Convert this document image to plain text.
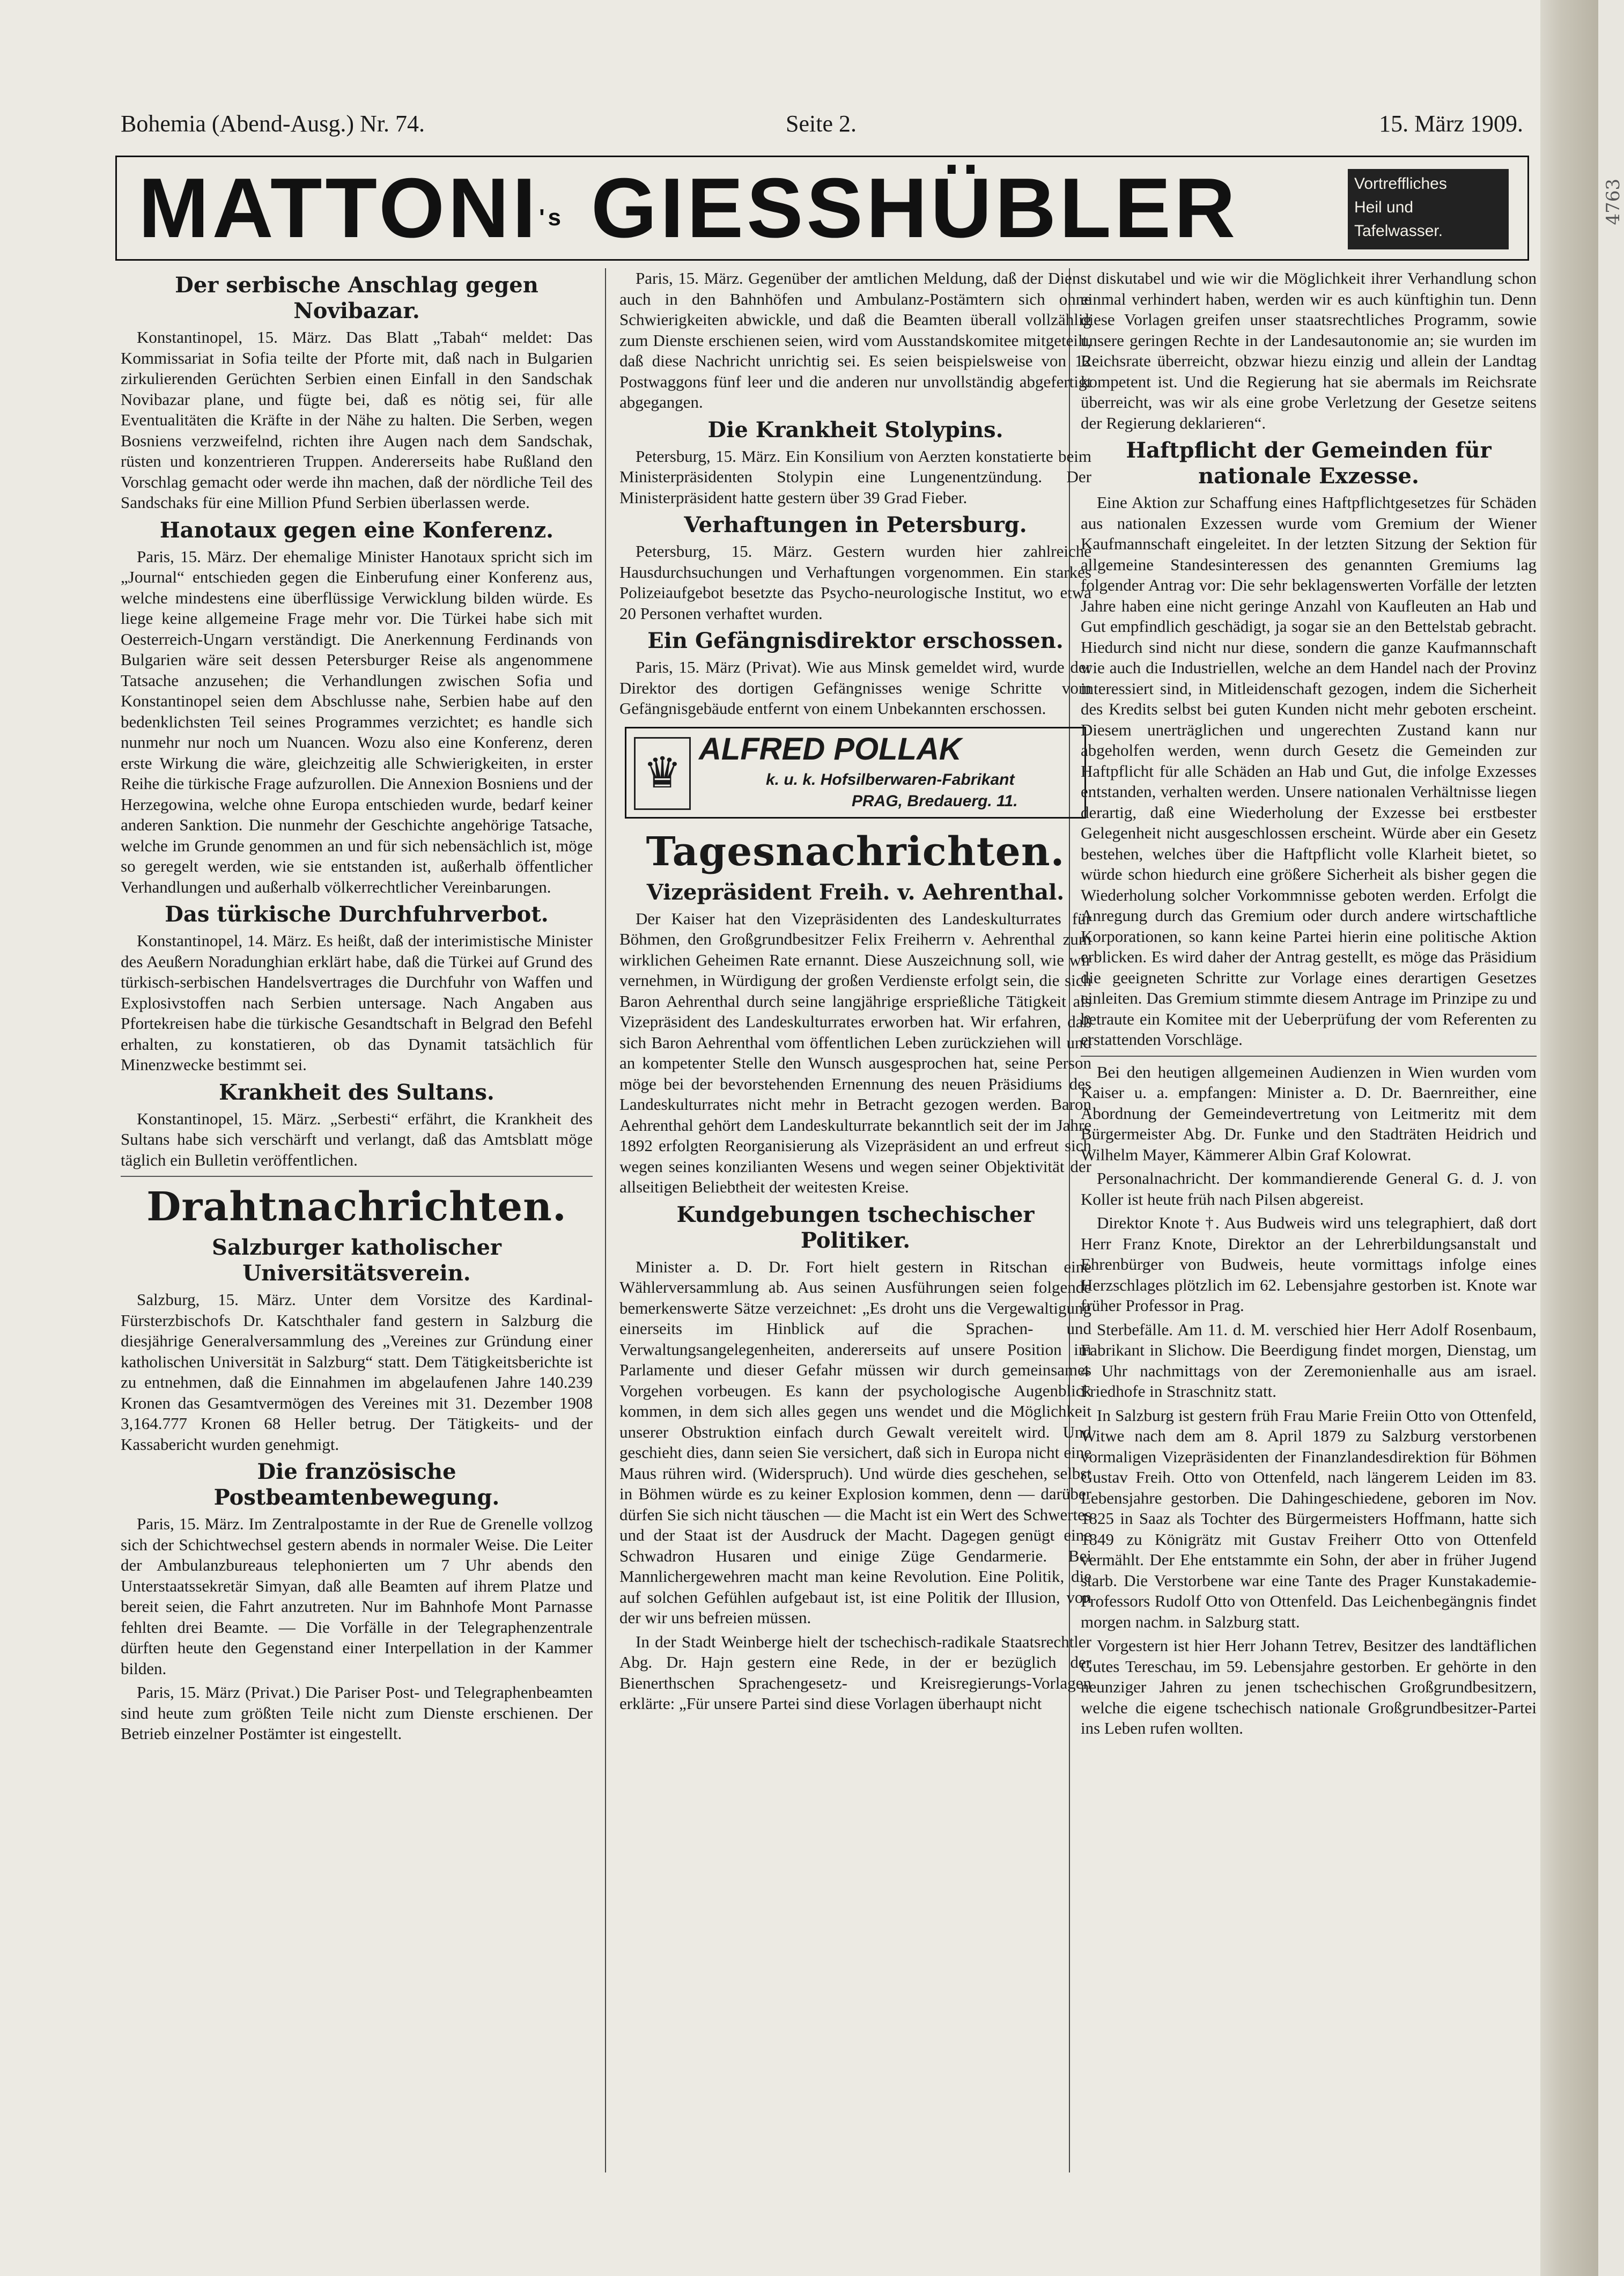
Bohemia (Abend-Ausg.) Nr. 74.	Seite 2.	15. März 1909.
$MATTONI^{'s}$ GIESSHÜBLER	Vortreffliches
Heil und
Tafelwasser.
4763
Der serbische Anschlag gegen Novibazar.

Konstantinopel, 15. März. Das Blatt „Tabah“ meldet: Das Kommissariat in Sofia teilte der Pforte mit, daß nach in Bulgarien zirkulierenden Gerüchten Serbien einen Einfall in den Sandschak Novibazar plane, und fügte bei, daß es nötig sei, für alle Eventualitäten die Kräfte in der Nähe zu halten. Die Serben, wegen Bosniens verzweifelnd, richten ihre Augen nach dem Sandschak, rüsten und konzentrieren Truppen. Andererseits habe Rußland den Vorschlag gemacht oder werde ihn machen, daß der nördliche Teil des Sandschaks für eine Million Pfund Serbien überlassen werde.

Hanotaux gegen eine Konferenz.

Paris, 15. März. Der ehemalige Minister Hanotaux spricht sich im „Journal“ entschieden gegen die Einberufung einer Konferenz aus, welche mindestens eine überflüssige Verwicklung bilden würde. Es liege keine allgemeine Frage mehr vor. Die Türkei habe sich mit Oesterreich-Ungarn verständigt. Die Anerkennung Ferdinands von Bulgarien wäre seit dessen Petersburger Reise als angenommene Tatsache anzusehen; die Verhandlungen zwischen Sofia und Konstantinopel seien dem Abschlusse nahe, Serbien habe auf den bedenklichsten Teil seines Programmes verzichtet; es handle sich nunmehr nur noch um Nuancen. Wozu also eine Konferenz, deren erste Wirkung die wäre, gleichzeitig alle Schwierigkeiten, in erster Reihe die türkische Frage aufzurollen. Die Annexion Bosniens und der Herzegowina, welche ohne Europa entschieden wurde, bedarf keiner anderen Sanktion. Die nunmehr der Geschichte angehörige Tatsache, welche im Grunde genommen an und für sich nebensächlich ist, möge so geregelt werden, wie sie entstanden ist, außerhalb öffentlicher Verhandlungen und außerhalb völkerrechtlicher Vereinbarungen.

Das türkische Durchfuhrverbot.

Konstantinopel, 14. März. Es heißt, daß der interimistische Minister des Aeußern Noradunghian erklärt habe, daß die Türkei auf Grund des türkisch-serbischen Handelsvertrages die Durchfuhr von Waffen und Explosivstoffen nach Serbien untersage. Nach Angaben aus Pfortekreisen habe die türkische Gesandtschaft in Belgrad den Befehl erhalten, zu konstatieren, ob das Dynamit tatsächlich für Minenzwecke bestimmt sei.

Krankheit des Sultans.

Konstantinopel, 15. März. „Serbesti“ erfährt, die Krankheit des Sultans habe sich verschärft und verlangt, daß das Amtsblatt möge täglich ein Bulletin veröffentlichen.

Drahtnachrichten.
Salzburger katholischer Universitätsverein.

Salzburg, 15. März. Unter dem Vorsitze des Kardinal-Fürsterzbischofs Dr. Katschthaler fand gestern in Salzburg die diesjährige Generalversammlung des „Vereines zur Gründung einer katholischen Universität in Salzburg“ statt. Dem Tätigkeitsberichte ist zu entnehmen, daß die Einnahmen im abgelaufenen Jahre 140.239 Kronen das Gesamtvermögen des Vereines mit 31. Dezember 1908 3,164.777 Kronen 68 Heller betrug. Der Tätigkeits- und der Kassabericht wurden genehmigt.

Die französische Postbeamtenbewegung.

Paris, 15. März. Im Zentralpostamte in der Rue de Grenelle vollzog sich der Schichtwechsel gestern abends in normaler Weise. Die Leiter der Ambulanzbureaus telephonierten um 7 Uhr abends den Unterstaatssekretär Simyan, daß alle Beamten auf ihrem Platze und bereit seien, die Fahrt anzutreten. Nur im Bahnhofe Mont Parnasse fehlten drei Beamte. — Die Vorfälle in der Telegraphenzentrale dürften heute den Gegenstand einer Interpellation in der Kammer bilden.

Paris, 15. März (Privat.) Die Pariser Post- und Telegraphenbeamten sind heute zum größten Teile nicht zum Dienste erschienen. Der Betrieb einzelner Postämter ist eingestellt.

Paris, 15. März. Gegenüber der amtlichen Meldung, daß der Dienst auch in den Bahnhöfen und Ambulanz-Postämtern sich ohne Schwierigkeiten abwickle, und daß die Beamten überall vollzählig zum Dienste erschienen seien, wird vom Ausstandskomitee mitgeteilt, daß diese Nachricht unrichtig sei. Es seien beispielsweise von 12 Postwaggons fünf leer und die anderen nur unvollständig abgefertigt abgegangen.

Die Krankheit Stolypins.

Petersburg, 15. März. Ein Konsilium von Aerzten konstatierte beim Ministerpräsidenten Stolypin eine Lungenentzündung. Der Ministerpräsident hatte gestern über 39 Grad Fieber.

Verhaftungen in Petersburg.

Petersburg, 15. März. Gestern wurden hier zahlreiche Hausdurchsuchungen und Verhaftungen vorgenommen. Ein starkes Polizeiaufgebot besetzte das Psycho-neurologische Institut, wo etwa 20 Personen verhaftet wurden.

Ein Gefängnisdirektor erschossen.

Paris, 15. März (Privat). Wie aus Minsk gemeldet wird, wurde der Direktor des dortigen Gefängnisses wenige Schritte vom Gefängnisgebäude entfernt von einem Unbekannten erschossen.

♛
ALFRED POLLAK
k. u. k. Hofsilberwaren-Fabrikant
PRAG, Bredauerg. 11.
Tagesnachrichten.
Vizepräsident Freih. v. Aehrenthal.

Der Kaiser hat den Vizepräsidenten des Landeskulturrates für Böhmen, den Großgrundbesitzer Felix Freiherrn v. Aehrenthal zum wirklichen Geheimen Rate ernannt. Diese Auszeichnung soll, wie wir vernehmen, in Würdigung der großen Verdienste erfolgt sein, die sich Baron Aehrenthal durch seine langjährige ersprießliche Tätigkeit als Vizepräsident des Landeskulturrates erworben hat. Wir erfahren, daß sich Baron Aehrenthal vom öffentlichen Leben zurückziehen will und an kompetenter Stelle den Wunsch ausgesprochen hat, seine Person möge bei der bevorstehenden Ernennung des neuen Präsidiums des Landeskulturrates nicht mehr in Betracht gezogen werden. Baron Aehrenthal gehört dem Landeskulturrate bekanntlich seit der im Jahre 1892 erfolgten Reorganisierung als Vizepräsident an und erfreut sich wegen seines konzilianten Wesens und wegen seiner Objektivität der allseitigen Beliebtheit der weitesten Kreise.

Kundgebungen tschechischer Politiker.

Minister a. D. Dr. Fort hielt gestern in Ritschan eine Wählerversammlung ab. Aus seinen Ausführungen seien folgende bemerkenswerte Sätze verzeichnet: „Es droht uns die Vergewaltigung einerseits im Hinblick auf die Sprachen- und Verwaltungsangelegenheiten, andererseits auf unsere Position im Parlamente und dieser Gefahr müssen wir durch gemeinsames Vorgehen vorbeugen. Es kann der psychologische Augenblick kommen, in dem sich alles gegen uns wendet und die Möglichkeit unserer Obstruktion einfach durch Gewalt vereitelt wird. Und geschieht dies, dann seien Sie versichert, daß sich in Europa nicht eine Maus rühren wird. (Widerspruch). Und würde dies geschehen, selbst in Böhmen würde es zu keiner Explosion kommen, denn — darüber dürfen Sie sich nicht täuschen — die Macht ist ein Wert des Schwertes und der Staat ist der Ausdruck der Macht. Dagegen genügt eine Schwadron Husaren und einige Züge Gendarmerie. Bei Mannlichergewehren macht man keine Revolution. Eine Politik, die auf solchen Gefühlen aufgebaut ist, ist eine Politik der Illusion, von der wir uns befreien müssen.

In der Stadt Weinberge hielt der tschechisch-radikale Staatsrechtler Abg. Dr. Hajn gestern eine Rede, in der er bezüglich der Bienerthschen Sprachengesetz- und Kreisregierungs-Vorlagen erklärte: „Für unsere Partei sind diese Vorlagen überhaupt nicht

diskutabel und wie wir die Möglichkeit ihrer Verhandlung schon einmal verhindert haben, werden wir es auch künftighin tun. Denn diese Vorlagen greifen unser staatsrechtliches Programm, sowie unsere geringen Rechte in der Landesautonomie an; sie wurden im Reichsrate überreicht, obzwar hiezu einzig und allein der Landtag kompetent ist. Und die Regierung hat sie abermals im Reichsrate überreicht, was wir als eine grobe Verletzung der Gesetze seitens der Regierung deklarieren“.

Haftpflicht der Gemeinden für nationale Exzesse.

Eine Aktion zur Schaffung eines Haftpflichtgesetzes für Schäden aus nationalen Exzessen wurde vom Gremium der Wiener Kaufmannschaft eingeleitet. In der letzten Sitzung der Sektion für allgemeine Standesinteressen des genannten Gremiums lag folgender Antrag vor: Die sehr beklagenswerten Vorfälle der letzten Jahre haben eine nicht geringe Anzahl von Kaufleuten an Hab und Gut empfindlich geschädigt, ja sogar sie an den Bettelstab gebracht. Hiedurch sind nicht nur diese, sondern die ganze Kaufmannschaft wie auch die Industriellen, welche an dem Handel nach der Provinz interessiert sind, in Mitleidenschaft gezogen, indem die Sicherheit des Kredits selbst bei guten Kunden nicht mehr geboten erscheint. Diesem unerträglichen und ungerechten Zustand kann nur abgeholfen werden, wenn durch Gesetz die Gemeinden zur Haftpflicht für alle Schäden an Hab und Gut, die infolge Exzesses entstanden, verhalten werden. Unsere nationalen Verhältnisse liegen derartig, daß eine Wiederholung der Exzesse bei erstbester Gelegenheit nicht ausgeschlossen erscheint. Würde aber ein Gesetz bestehen, welches über die Haftpflicht volle Klarheit bietet, so würde schon hiedurch eine größere Sicherheit als bisher gegen die Wiederholung solcher Vorkommnisse geboten werden. Erfolgt die Anregung durch das Gremium oder durch andere wirtschaftliche Korporationen, so kann keine Partei hierin eine politische Aktion erblicken. Es wird daher der Antrag gestellt, es möge das Präsidium die geeigneten Schritte zur Vorlage eines derartigen Gesetzes einleiten. Das Gremium stimmte diesem Antrage im Prinzipe zu und betraute ein Komitee mit der Ueberprüfung der vom Referenten zu erstattenden Vorschläge.

Bei den heutigen allgemeinen Audienzen in Wien wurden vom Kaiser u. a. empfangen: Minister a. D. Dr. Baernreither, eine Abordnung der Gemeindevertretung von Leitmeritz mit dem Bürgermeister Abg. Dr. Funke und den Stadträten Heidrich und Wilhelm Mayer, Kämmerer Albin Graf Kolowrat.

Personalnachricht. Der kommandierende General G. d. J. von Koller ist heute früh nach Pilsen abgereist.

Direktor Knote †. Aus Budweis wird uns telegraphiert, daß dort Herr Franz Knote, Direktor an der Lehrerbildungsanstalt und Ehrenbürger von Budweis, heute vormittags infolge eines Herzschlages plötzlich im 62. Lebensjahre gestorben ist. Knote war früher Professor in Prag.

Sterbefälle. Am 11. d. M. verschied hier Herr Adolf Rosenbaum, Fabrikant in Slichow. Die Beerdigung findet morgen, Dienstag, um 4 Uhr nachmittags von der Zeremonienhalle aus am israel. Friedhofe in Straschnitz statt.

In Salzburg ist gestern früh Frau Marie Freiin Otto von Ottenfeld, Witwe nach dem am 8. April 1879 zu Salzburg verstorbenen vormaligen Vizepräsidenten der Finanzlandesdirektion für Böhmen Gustav Freih. Otto von Ottenfeld, nach längerem Leiden im 83. Lebensjahre gestorben. Die Dahingeschiedene, geboren im Nov. 1825 in Saaz als Tochter des Bürgermeisters Hoffmann, hatte sich 1849 zu Königrätz mit Gustav Freiherr Otto von Ottenfeld vermählt. Der Ehe entstammte ein Sohn, der aber in früher Jugend starb. Die Verstorbene war eine Tante des Prager Kunstakademie-Professors Rudolf Otto von Ottenfeld. Das Leichenbegängnis findet morgen nachm. in Salzburg statt.

Vorgestern ist hier Herr Johann Tetrev, Besitzer des landtäflichen Gutes Tereschau, im 59. Lebensjahre gestorben. Er gehörte in den neunziger Jahren zu jenen tschechischen Großgrundbesitzern, welche die eigene tschechisch nationale Großgrundbesitzer-Partei ins Leben rufen wollten.
